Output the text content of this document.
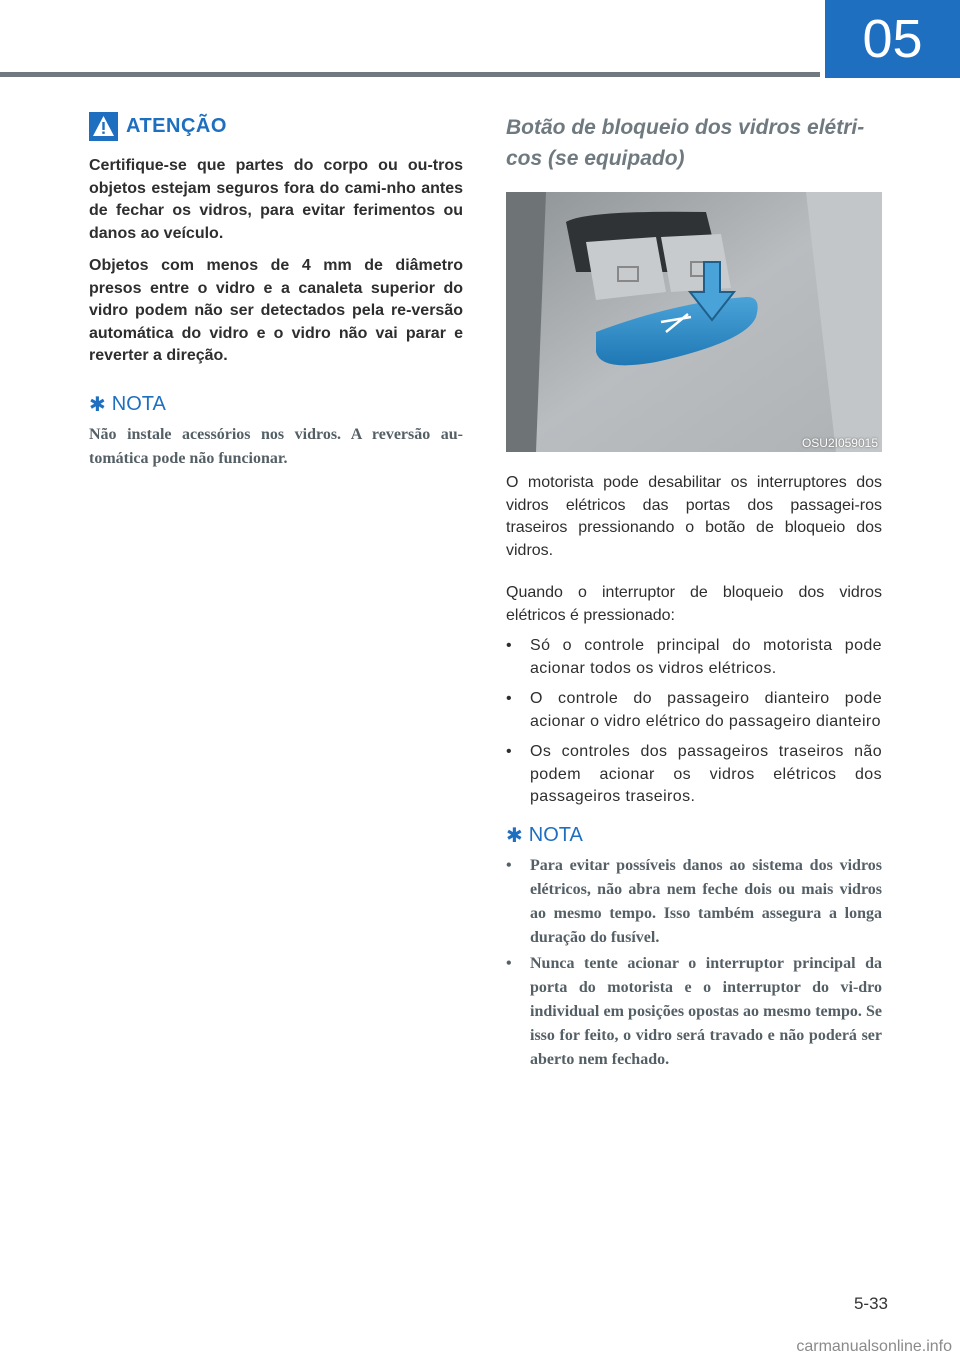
05
ATENÇÃO

Certifique-se que partes do corpo ou ou-tros objetos estejam seguros fora do cami-nho antes de fechar os vidros, para evitar ferimentos ou danos ao veículo.

Objetos com menos de 4 mm de diâmetro presos entre o vidro e a canaleta superior do vidro podem não ser detectados pela re-versão automática do vidro e o vidro não vai parar e reverter a direção.

✱ NOTA

Não instale acessórios nos vidros. A reversão au-tomática pode não funcionar.

Botão de bloqueio dos vidros elétri-cos (se equipado)
OSU2I059015

O motorista pode desabilitar os interruptores dos vidros elétricos das portas dos passagei-ros traseiros pressionando o botão de bloqueio dos vidros.

Quando o interruptor de bloqueio dos vidros elétricos é pressionado:

• Só o controle principal do motorista pode acionar todos os vidros elétricos.
• O controle do passageiro dianteiro pode acionar o vidro elétrico do passageiro dianteiro
• Os controles dos passageiros traseiros não podem acionar os vidros elétricos dos passageiros traseiros.
✱ NOTA
• Para evitar possíveis danos ao sistema dos vidros elétricos, não abra nem feche dois ou mais vidros ao mesmo tempo. Isso também assegura a longa duração do fusível.
• Nunca tente acionar o interruptor principal da porta do motorista e o interruptor do vi-dro individual em posições opostas ao mesmo tempo. Se isso for feito, o vidro será travado e não poderá ser aberto nem fechado.
5-33
carmanualsonline.info
